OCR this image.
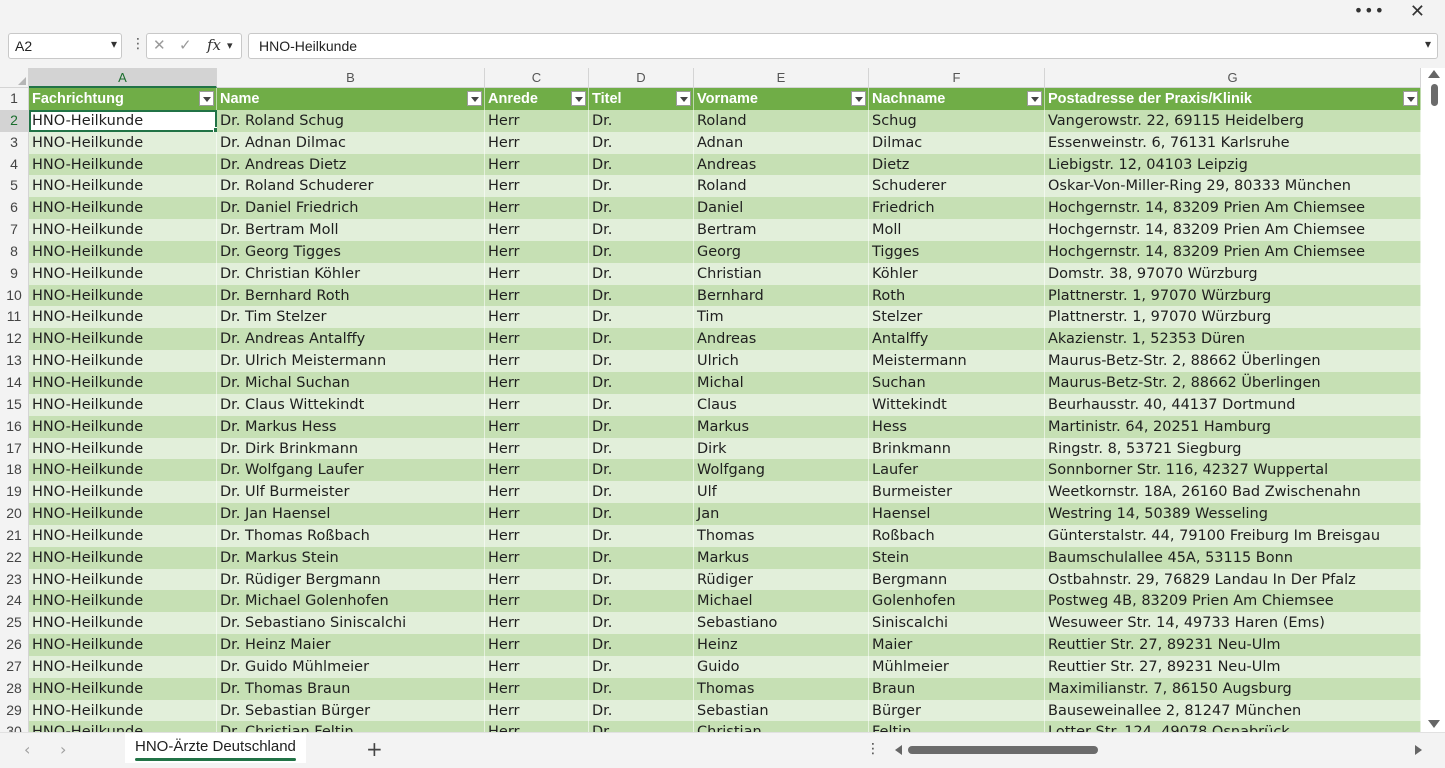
••• ✕
A2	▾ ⋮ ✕ ✓ fx ▾ HNO-Heilkunde	▾
A	B	C	D	E	F	G
1 Fachrichtung	Name	Anrede	Titel	Vorname	Nachname	Postadresse der Praxis/Klinik
2 HNO-Heilkunde	Dr. Roland Schug	Herr	Dr.	Roland	Schug	Vangerowstr. 22, 69115 Heidelberg
3 HNO-Heilkunde	Dr. Adnan Dilmac	Herr	Dr.	Adnan	Dilmac	Essenweinstr. 6, 76131 Karlsruhe
4 HNO-Heilkunde	Dr. Andreas Dietz	Herr	Dr.	Andreas	Dietz	Liebigstr. 12, 04103 Leipzig
5 HNO-Heilkunde	Dr. Roland Schuderer	Herr	Dr.	Roland	Schuderer	Oskar-Von-Miller-Ring 29, 80333 München
6 HNO-Heilkunde	Dr. Daniel Friedrich	Herr	Dr.	Daniel	Friedrich	Hochgernstr. 14, 83209 Prien Am Chiemsee
7 HNO-Heilkunde	Dr. Bertram Moll	Herr	Dr.	Bertram	Moll	Hochgernstr. 14, 83209 Prien Am Chiemsee
8 HNO-Heilkunde	Dr. Georg Tigges	Herr	Dr.	Georg	Tigges	Hochgernstr. 14, 83209 Prien Am Chiemsee
9 HNO-Heilkunde	Dr. Christian Köhler	Herr	Dr.	Christian	Köhler	Domstr. 38, 97070 Würzburg
10 HNO-Heilkunde	Dr. Bernhard Roth	Herr	Dr.	Bernhard	Roth	Plattnerstr. 1, 97070 Würzburg
11 HNO-Heilkunde	Dr. Tim Stelzer	Herr	Dr.	Tim	Stelzer	Plattnerstr. 1, 97070 Würzburg
12 HNO-Heilkunde	Dr. Andreas Antalffy	Herr	Dr.	Andreas	Antalffy	Akazienstr. 1, 52353 Düren
13 HNO-Heilkunde	Dr. Ulrich Meistermann	Herr	Dr.	Ulrich	Meistermann	Maurus-Betz-Str. 2, 88662 Überlingen
14 HNO-Heilkunde	Dr. Michal Suchan	Herr	Dr.	Michal	Suchan	Maurus-Betz-Str. 2, 88662 Überlingen
15 HNO-Heilkunde	Dr. Claus Wittekindt	Herr	Dr.	Claus	Wittekindt	Beurhausstr. 40, 44137 Dortmund
16 HNO-Heilkunde	Dr. Markus Hess	Herr	Dr.	Markus	Hess	Martinistr. 64, 20251 Hamburg
17 HNO-Heilkunde	Dr. Dirk Brinkmann	Herr	Dr.	Dirk	Brinkmann	Ringstr. 8, 53721 Siegburg
18 HNO-Heilkunde	Dr. Wolfgang Laufer	Herr	Dr.	Wolfgang	Laufer	Sonnborner Str. 116, 42327 Wuppertal
19 HNO-Heilkunde	Dr. Ulf Burmeister	Herr	Dr.	Ulf	Burmeister	Weetkornstr. 18A, 26160 Bad Zwischenahn
20 HNO-Heilkunde	Dr. Jan Haensel	Herr	Dr.	Jan	Haensel	Westring 14, 50389 Wesseling
21 HNO-Heilkunde	Dr. Thomas Roßbach	Herr	Dr.	Thomas	Roßbach	Günterstalstr. 44, 79100 Freiburg Im Breisgau
22 HNO-Heilkunde	Dr. Markus Stein	Herr	Dr.	Markus	Stein	Baumschulallee 45A, 53115 Bonn
23 HNO-Heilkunde	Dr. Rüdiger Bergmann	Herr	Dr.	Rüdiger	Bergmann	Ostbahnstr. 29, 76829 Landau In Der Pfalz
24 HNO-Heilkunde	Dr. Michael Golenhofen	Herr	Dr.	Michael	Golenhofen	Postweg 4B, 83209 Prien Am Chiemsee
25 HNO-Heilkunde	Dr. Sebastiano Siniscalchi	Herr	Dr.	Sebastiano	Siniscalchi	Wesuweer Str. 14, 49733 Haren (Ems)
26 HNO-Heilkunde	Dr. Heinz Maier	Herr	Dr.	Heinz	Maier	Reuttier Str. 27, 89231 Neu-Ulm
27 HNO-Heilkunde	Dr. Guido Mühlmeier	Herr	Dr.	Guido	Mühlmeier	Reuttier Str. 27, 89231 Neu-Ulm
28 HNO-Heilkunde	Dr. Thomas Braun	Herr	Dr.	Thomas	Braun	Maximilianstr. 7, 86150 Augsburg
29 HNO-Heilkunde	Dr. Sebastian Bürger	Herr	Dr.	Sebastian	Bürger	Bauseweinallee 2, 81247 München
‹ ›	HNO-Ärzte Deutschland	+	⋮
